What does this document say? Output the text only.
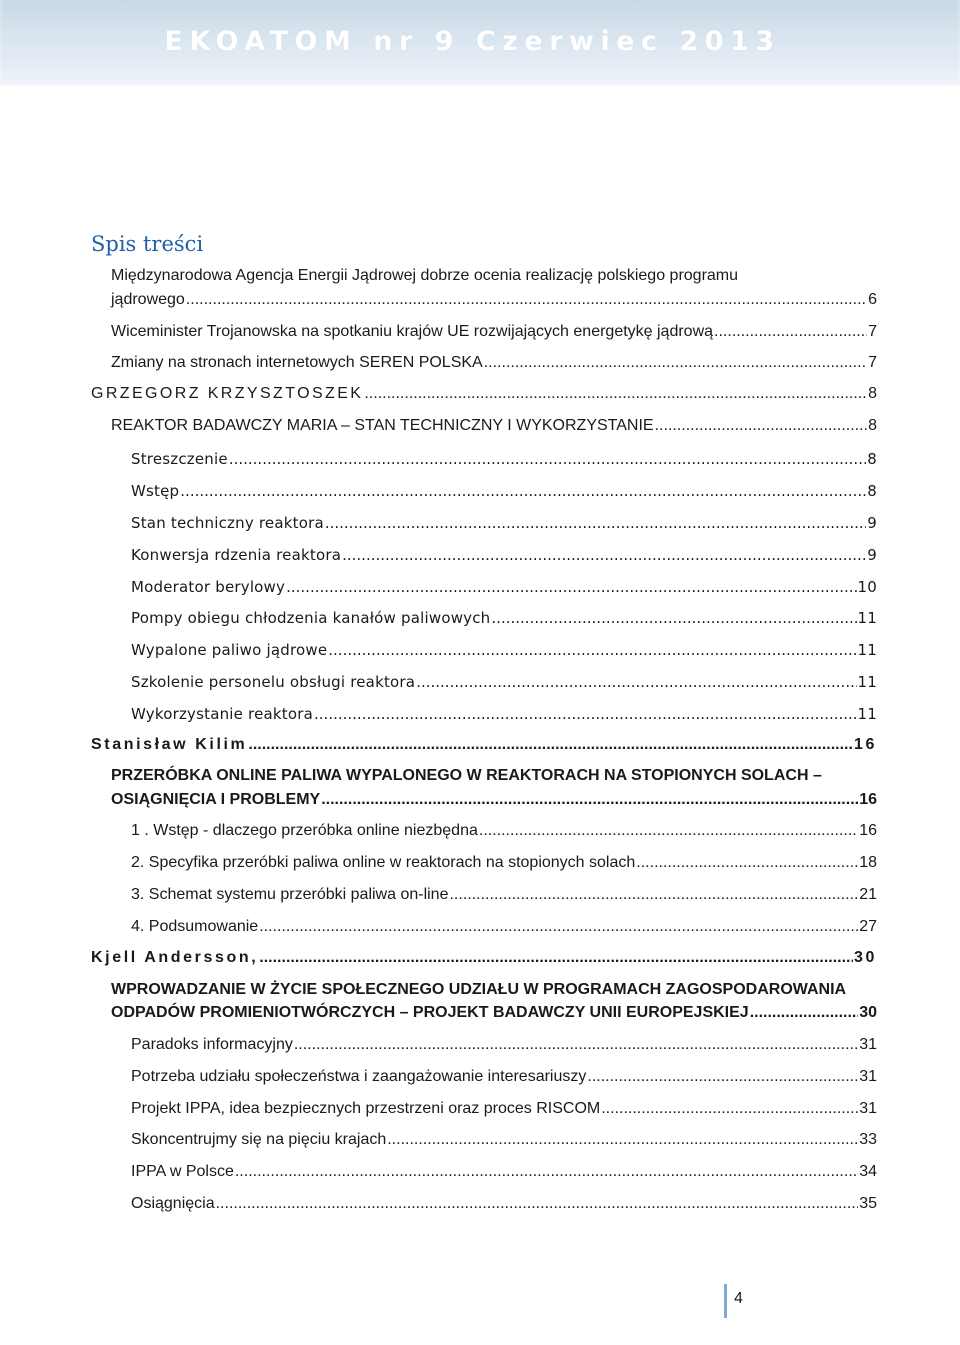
EKOATOM nr 9 Czerwiec 2013
Spis treści
Międzynarodowa Agencja Energii Jądrowej dobrze ocenia realizację polskiego programu
jądrowego .....	6
Wiceminister Trojanowska na spotkaniu krajów UE rozwijających energetykę jądrową .....	7
Zmiany na stronach internetowych SEREN POLSKA .....	7
GRZEGORZ KRZYSZTOSZEK .....	8
REAKTOR BADAWCZY MARIA – STAN TECHNICZNY I WYKORZYSTANIE .....	8
Streszczenie .....	8
Wstęp .....	8
Stan techniczny reaktora .....	9
Konwersja rdzenia reaktora .....	9
Moderator berylowy .....	10
Pompy obiegu chłodzenia kanałów paliwowych .....	11
Wypalone paliwo jądrowe .....	11
Szkolenie personelu obsługi reaktora .....	11
Wykorzystanie reaktora .....	11
Stanisław Kilim .....	16
PRZERÓBKA ONLINE PALIWA WYPALONEGO W REAKTORACH NA STOPIONYCH SOLACH –
OSIĄGNIĘCIA I PROBLEMY .....	16
1 . Wstęp - dlaczego przeróbka online niezbędna .....	16
2. Specyfika przeróbki paliwa online w reaktorach na stopionych solach .....	18
3. Schemat systemu przeróbki paliwa on-line .....	21
4. Podsumowanie .....	27
Kjell Andersson, .....	30
WPROWADZANIE W ŻYCIE SPOŁECZNEGO UDZIAŁU W PROGRAMACH ZAGOSPODAROWANIA
ODPADÓW PROMIENIOTWÓRCZYCH – PROJEKT BADAWCZY UNII EUROPEJSKIEJ .....	30
Paradoks informacyjny .....	31
Potrzeba udziału społeczeństwa i zaangażowanie interesariuszy .....	31
Projekt IPPA, idea bezpiecznych przestrzeni oraz proces RISCOM .....	31
Skoncentrujmy się na pięciu krajach .....	33
IPPA w Polsce .....	34
Osiągnięcia .....	35
4
